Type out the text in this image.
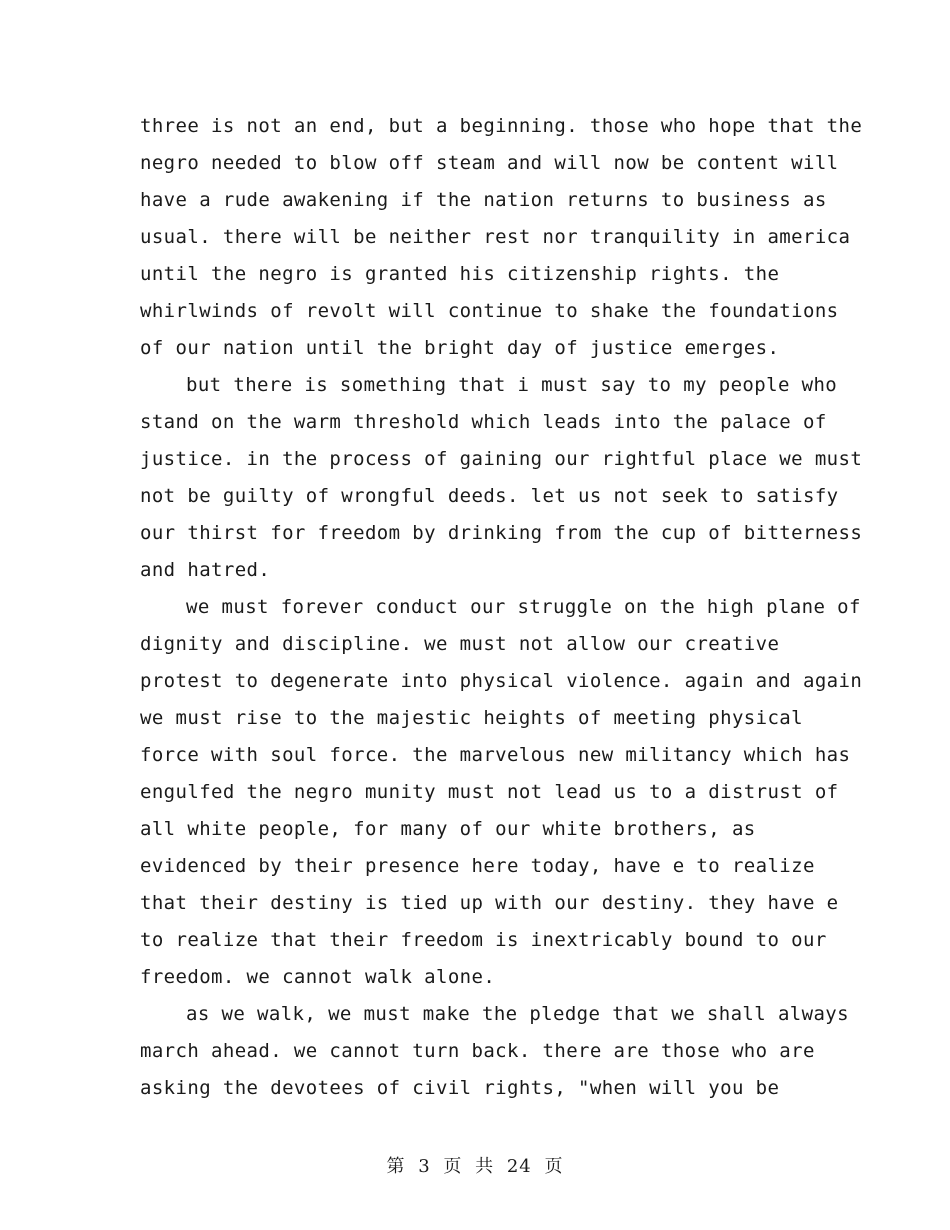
three is not an end, but a beginning. those who hope that the
negro needed to blow off steam and will now be content will
have a rude awakening if the nation returns to business as
usual. there will be neither rest nor tranquility in america
until the negro is granted his citizenship rights. the
whirlwinds of revolt will continue to shake the foundations
of our nation until the bright day of justice emerges.
but there is something that i must say to my people who
stand on the warm threshold which leads into the palace of
justice. in the process of gaining our rightful place we must
not be guilty of wrongful deeds. let us not seek to satisfy
our thirst for freedom by drinking from the cup of bitterness
and hatred.
we must forever conduct our struggle on the high plane of
dignity and discipline. we must not allow our creative
protest to degenerate into physical violence. again and again
we must rise to the majestic heights of meeting physical
force with soul force. the marvelous new militancy which has
engulfed the negro munity must not lead us to a distrust of
all white people, for many of our white brothers, as
evidenced by their presence here today, have e to realize
that their destiny is tied up with our destiny. they have e
to realize that their freedom is inextricably bound to our
freedom. we cannot walk alone.
as we walk, we must make the pledge that we shall always
march ahead. we cannot turn back. there are those who are
asking the devotees of civil rights, "when will you be
第 3 页 共 24 页
